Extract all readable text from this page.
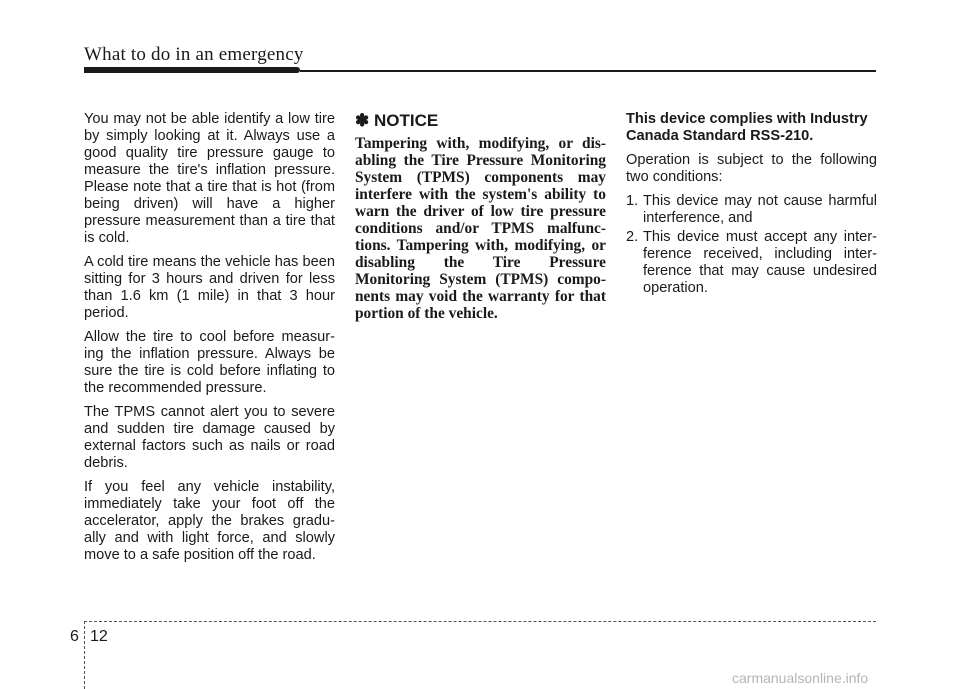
What to do in an emergency

You may not be able identify a low tire by simply looking at it. Always use a good quality tire pressure gauge to measure the tire's inflation pressure. Please note that a tire that is hot (from being driven) will have a higher pressure measurement than a tire that is cold.

A cold tire means the vehicle has been sitting for 3 hours and driven for less than 1.6 km (1 mile) in that 3 hour period.

Allow the tire to cool before measur-ing the inflation pressure. Always be sure the tire is cold before inflating to the recommended pressure.

The TPMS cannot alert you to severe and sudden tire damage caused by external factors such as nails or road debris.

If you feel any vehicle instability, immediately take your foot off the accelerator, apply the brakes gradu-ally and with light force, and slowly move to a safe position off the road.

✽ NOTICE

Tampering with, modifying, or dis-abling the Tire Pressure Monitoring System (TPMS) components may interfere with the system's ability to warn the driver of low tire pressure conditions and/or TPMS malfunc-tions. Tampering with, modifying, or disabling the Tire Pressure Monitoring System (TPMS) compo-nents may void the warranty for that portion of the vehicle.

This device complies with Industry Canada Standard RSS-210.

Operation is subject to the following two conditions:

1. This device may not cause harmful interference, and
2. This device must accept any inter-ference received, including inter-ference that may cause undesired operation.
6 12
carmanualsonline.info
